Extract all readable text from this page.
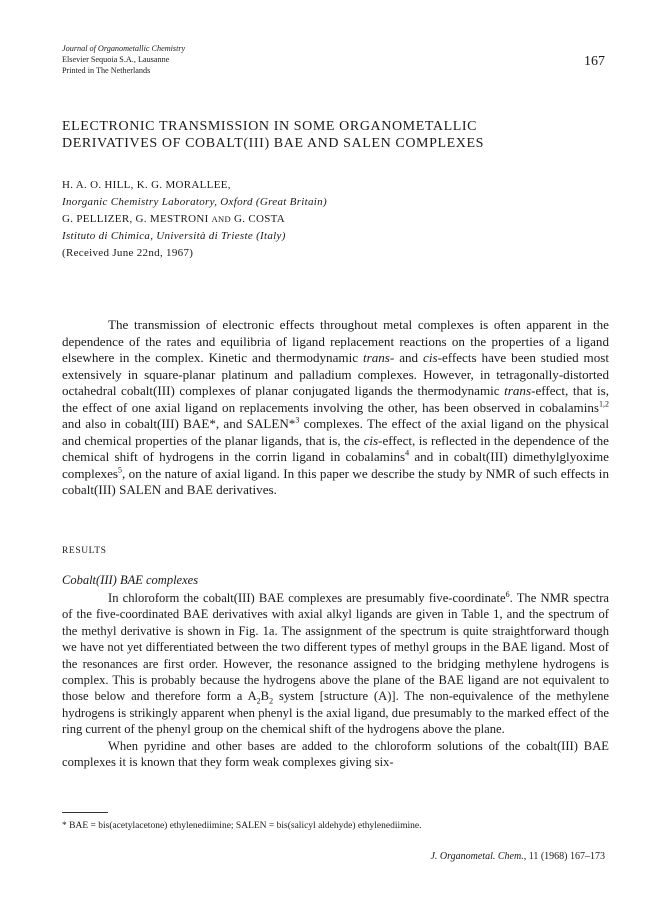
Journal of Organometallic Chemistry
Elsevier Sequoia S.A., Lausanne
Printed in The Netherlands
167
ELECTRONIC TRANSMISSION IN SOME ORGANOMETALLIC
DERIVATIVES OF COBALT(III) BAE AND SALEN COMPLEXES
H. A. O. HILL, K. G. MORALLEE,
Inorganic Chemistry Laboratory, Oxford (Great Britain)
G. PELLIZER, G. MESTRONI AND G. COSTA
Istituto di Chimica, Università di Trieste (Italy)
(Received June 22nd, 1967)

The transmission of electronic effects throughout metal complexes is often apparent in the dependence of the rates and equilibria of ligand replacement reactions on the properties of a ligand elsewhere in the complex. Kinetic and thermodynamic trans- and cis-effects have been studied most extensively in square-planar platinum and palladium complexes. However, in tetragonally-distorted octahedral cobalt(III) complexes of planar conjugated ligands the thermodynamic trans-effect, that is, the effect of one axial ligand on replacements involving the other, has been observed in cobalamins$^{1,2}$ and also in cobalt(III) BAE*, and SALEN*$^3$ complexes. The effect of the axial ligand on the physical and chemical properties of the planar ligands, that is, the cis-effect, is reflected in the dependence of the chemical shift of hydrogens in the corrin ligand in cobalamins$^4$ and in cobalt(III) dimethylglyoxime complexes$^5$, on the nature of axial ligand. In this paper we describe the study by NMR of such effects in cobalt(III) SALEN and BAE derivatives.

RESULTS
Cobalt(III) BAE complexes

In chloroform the cobalt(III) BAE complexes are presumably five-coordinate$^6$. The NMR spectra of the five-coordinated BAE derivatives with axial alkyl ligands are given in Table 1, and the spectrum of the methyl derivative is shown in Fig. 1a. The assignment of the spectrum is quite straightforward though we have not yet differentiated between the two different types of methyl groups in the BAE ligand. Most of the resonances are first order. However, the resonance assigned to the bridging methylene hydrogens is complex. This is probably because the hydrogens above the plane of the BAE ligand are not equivalent to those below and therefore form a $A_2B_2$ system [structure (A)]. The non-equivalence of the methylene hydrogens is strikingly apparent when phenyl is the axial ligand, due presumably to the marked effect of the ring current of the phenyl group on the chemical shift of the hydrogens above the plane.

When pyridine and other bases are added to the chloroform solutions of the cobalt(III) BAE complexes it is known that they form weak complexes giving six-

* BAE = bis(acetylacetone) ethylenediimine; SALEN = bis(salicyl aldehyde) ethylenediimine.
J. Organometal. Chem., 11 (1968) 167–173
